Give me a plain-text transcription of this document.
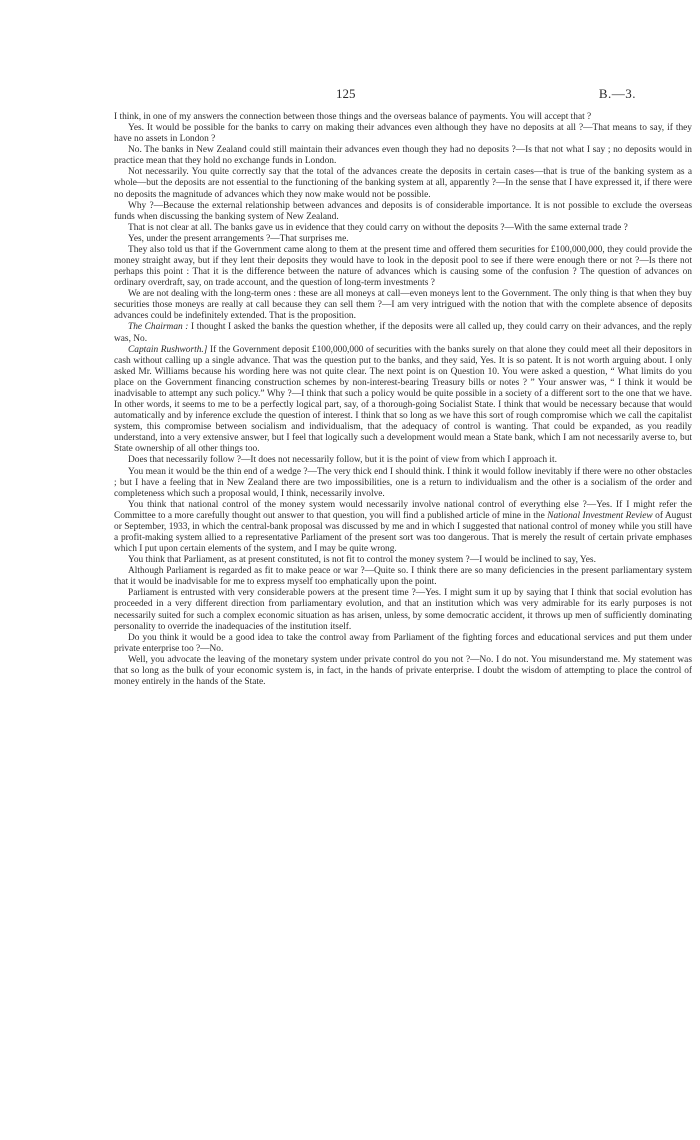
125	B.—3.

I think, in one of my answers the connection between those things and the overseas balance of payments. You will accept that ?

Yes. It would be possible for the banks to carry on making their advances even although they have no deposits at all ?—That means to say, if they have no assets in London ?

No. The banks in New Zealand could still maintain their advances even though they had no deposits ?—Is that not what I say ; no deposits would in practice mean that they hold no exchange funds in London.

Not necessarily. You quite correctly say that the total of the advances create the deposits in certain cases—that is true of the banking system as a whole—but the deposits are not essential to the functioning of the banking system at all, apparently ?—In the sense that I have expressed it, if there were no deposits the magnitude of advances which they now make would not be possible.

Why ?—Because the external relationship between advances and deposits is of considerable importance. It is not possible to exclude the overseas funds when discussing the banking system of New Zealand.

That is not clear at all. The banks gave us in evidence that they could carry on without the deposits ?—With the same external trade ?

Yes, under the present arrangements ?—That surprises me.

They also told us that if the Government came along to them at the present time and offered them securities for £100,000,000, they could provide the money straight away, but if they lent their deposits they would have to look in the deposit pool to see if there were enough there or not ?—Is there not perhaps this point : That it is the difference between the nature of advances which is causing some of the confusion ? The question of advances on ordinary overdraft, say, on trade account, and the question of long-term investments ?

We are not dealing with the long-term ones : these are all moneys at call—even moneys lent to the Government. The only thing is that when they buy securities those moneys are really at call because they can sell them ?—I am very intrigued with the notion that with the complete absence of deposits advances could be indefinitely extended. That is the proposition.

The Chairman : I thought I asked the banks the question whether, if the deposits were all called up, they could carry on their advances, and the reply was, No.

Captain Rushworth.] If the Government deposit £100,000,000 of securities with the banks surely on that alone they could meet all their depositors in cash without calling up a single advance. That was the question put to the banks, and they said, Yes. It is so patent. It is not worth arguing about. I only asked Mr. Williams because his wording here was not quite clear. The next point is on Question 10. You were asked a question, “ What limits do you place on the Government financing construction schemes by non-interest-bearing Treasury bills or notes ? ” Your answer was, “ I think it would be inadvisable to attempt any such policy.” Why ?—I think that such a policy would be quite possible in a society of a different sort to the one that we have. In other words, it seems to me to be a perfectly logical part, say, of a thorough-going Socialist State. I think that would be necessary because that would automatically and by inference exclude the question of interest. I think that so long as we have this sort of rough compromise which we call the capitalist system, this compromise between socialism and individualism, that the adequacy of control is wanting. That could be expanded, as you readily understand, into a very extensive answer, but I feel that logically such a development would mean a State bank, which I am not necessarily averse to, but State ownership of all other things too.

Does that necessarily follow ?—It does not necessarily follow, but it is the point of view from which I approach it.

You mean it would be the thin end of a wedge ?—The very thick end I should think. I think it would follow inevitably if there were no other obstacles ; but I have a feeling that in New Zealand there are two impossibilities, one is a return to individualism and the other is a socialism of the order and completeness which such a proposal would, I think, necessarily involve.

You think that national control of the money system would necessarily involve national control of everything else ?—Yes. If I might refer the Committee to a more carefully thought out answer to that question, you will find a published article of mine in the National Investment Review of August or September, 1933, in which the central-bank proposal was discussed by me and in which I suggested that national control of money while you still have a profit-making system allied to a representative Parliament of the present sort was too dangerous. That is merely the result of certain private emphases which I put upon certain elements of the system, and I may be quite wrong.

You think that Parliament, as at present constituted, is not fit to control the money system ?—I would be inclined to say, Yes.

Although Parliament is regarded as fit to make peace or war ?—Quite so. I think there are so many deficiencies in the present parliamentary system that it would be inadvisable for me to express myself too emphatically upon the point.

Parliament is entrusted with very considerable powers at the present time ?—Yes. I might sum it up by saying that I think that social evolution has proceeded in a very different direction from parliamentary evolution, and that an institution which was very admirable for its early purposes is not necessarily suited for such a complex economic situation as has arisen, unless, by some democratic accident, it throws up men of sufficiently dominating personality to override the inadequacies of the institution itself.

Do you think it would be a good idea to take the control away from Parliament of the fighting forces and educational services and put them under private enterprise too ?—No.

Well, you advocate the leaving of the monetary system under private control do you not ?—No. I do not. You misunderstand me. My statement was that so long as the bulk of your economic system is, in fact, in the hands of private enterprise. I doubt the wisdom of attempting to place the control of money entirely in the hands of the State.
